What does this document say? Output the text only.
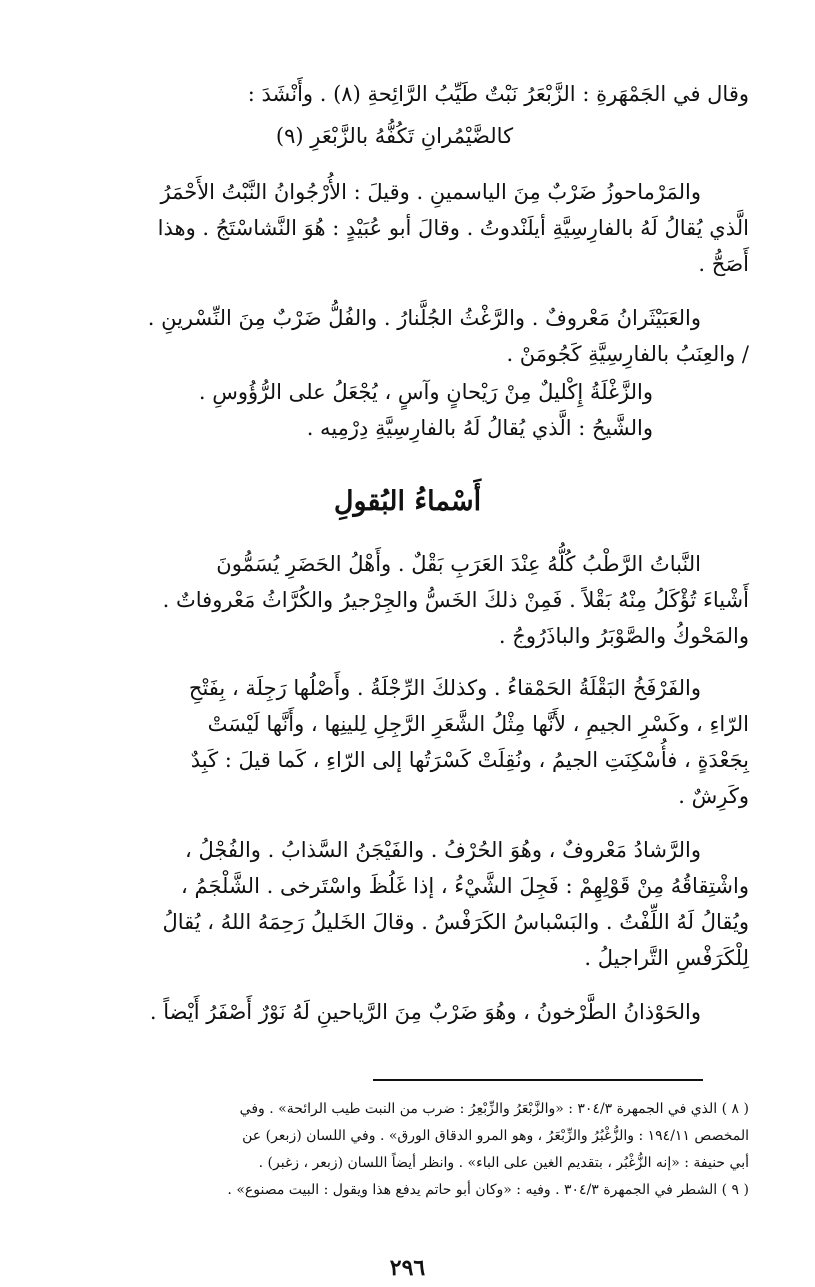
وقال في الجَمْهَرةِ : الزَّبْعَرُ نَبْتٌ طَيِّبُ الرَّائِحةِ (٨) . وأَنْشَدَ :
كالضَّيْمُرانِ تَكُفُّهُ بالزَّبْعَرِ (٩)
والمَرْماحوزُ ضَرْبٌ مِنَ الياسمينِ . وقيلَ : الأُرْجُوانُ النَّبْتُ الأَحْمَرُ
الَّذي يُقالُ لَهُ بالفارِسِيَّةِ أيلَنْدوتُ . وقالَ أبو عُبَيْدٍ : هُوَ النَّشاسْتَجُ . وهذا
أَصَحُّ .
والعَبَيْثَرانُ مَعْروفٌ . والرَّغْثُ الجُلَّنارُ . والفُلُّ ضَرْبٌ مِنَ النِّسْرينِ .
/ والعِنَبُ بالفارِسِيَّةِ كَجُومَنْ .
والزَّغْلَةُ إِكْليلٌ مِنْ رَيْحانٍ وآسٍ ، يُجْعَلُ على الرُّؤُوسِ .
والشَّيحُ : الَّذي يُقالُ لَهُ بالفارِسِيَّةِ دِرْمِيه .
أَسْماءُ البُقولِ
النَّباتُ الرَّطْبُ كُلُّهُ عِنْدَ العَرَبِ بَقْلٌ . وأَهْلُ الحَضَرِ يُسَمُّونَ
أَشْياءَ تُؤْكَلُ مِنْهُ بَقْلاً . فَمِنْ ذلكَ الخَسُّ والجِرْجيرُ والكُرَّاثُ مَعْروفاتٌ .
والمَحْوكُ والصَّوْبَرُ والباذَرُوجُ .
والفَرْفَخُ البَقْلَةُ الحَمْقاءُ . وكذلكَ الرِّجْلَةُ . وأَصْلُها رَجِلَة ، بِفَتْحِ
الرّاءِ ، وكَسْرِ الجيمِ ، لأَنَّها مِثْلُ الشَّعَرِ الرَّجِلِ لِلينِها ، وأَنَّها لَيْسَتْ
بِجَعْدَةٍ ، فأُسْكِنَتِ الجيمُ ، ونُقِلَتْ كَسْرَتُها إلى الرّاءِ ، كَما قيلَ : كَبِدٌ
وكَرِشٌ .
والرَّشادُ مَعْروفٌ ، وهُوَ الحُرْفُ . والفَيْجَنُ السَّذابُ . والفُجْلُ ،
واشْتِقاقُهُ مِنْ قَوْلِهِمْ : فَجِلَ الشَّيْءُ ، إذا غَلُظَ واسْتَرخى . الشَّلْجَمُ ،
ويُقالُ لَهُ اللِّفْتُ . والبَسْباسُ الكَرَفْسُ . وقالَ الخَليلُ رَحِمَهُ اللهُ ، يُقالُ
لِلْكَرَفْسِ التَّراجيلُ .
والحَوْذانُ الطَّرْخونُ ، وهُوَ ضَرْبٌ مِنَ الرَّياحينِ لَهُ نَوْرٌ أَصْفَرُ أَيْضاً .
( ٨ ) الذي في الجمهرة ٣٠٤/٣ : «والزَّبْعَرُ والزِّبْعِرُ : ضرب من النبت طيب الرائحة» . وفي
المخصص ١٩٤/١١ : والزُّغْبُرُ والزِّبْعَرُ ، وهو المرو الدقاق الورق» . وفي اللسان (زبعر) عن
أبي حنيفة : «إنه الزُّغْبُر ، بتقديم الغين على الباء» . وانظر أيضاً اللسان (زبعر ، زغبر) .
( ٩ ) الشطر في الجمهرة ٣٠٤/٣ . وفيه : «وكان أبو حاتم يدفع هذا ويقول : البيت مصنوع» .
٢٩٦
